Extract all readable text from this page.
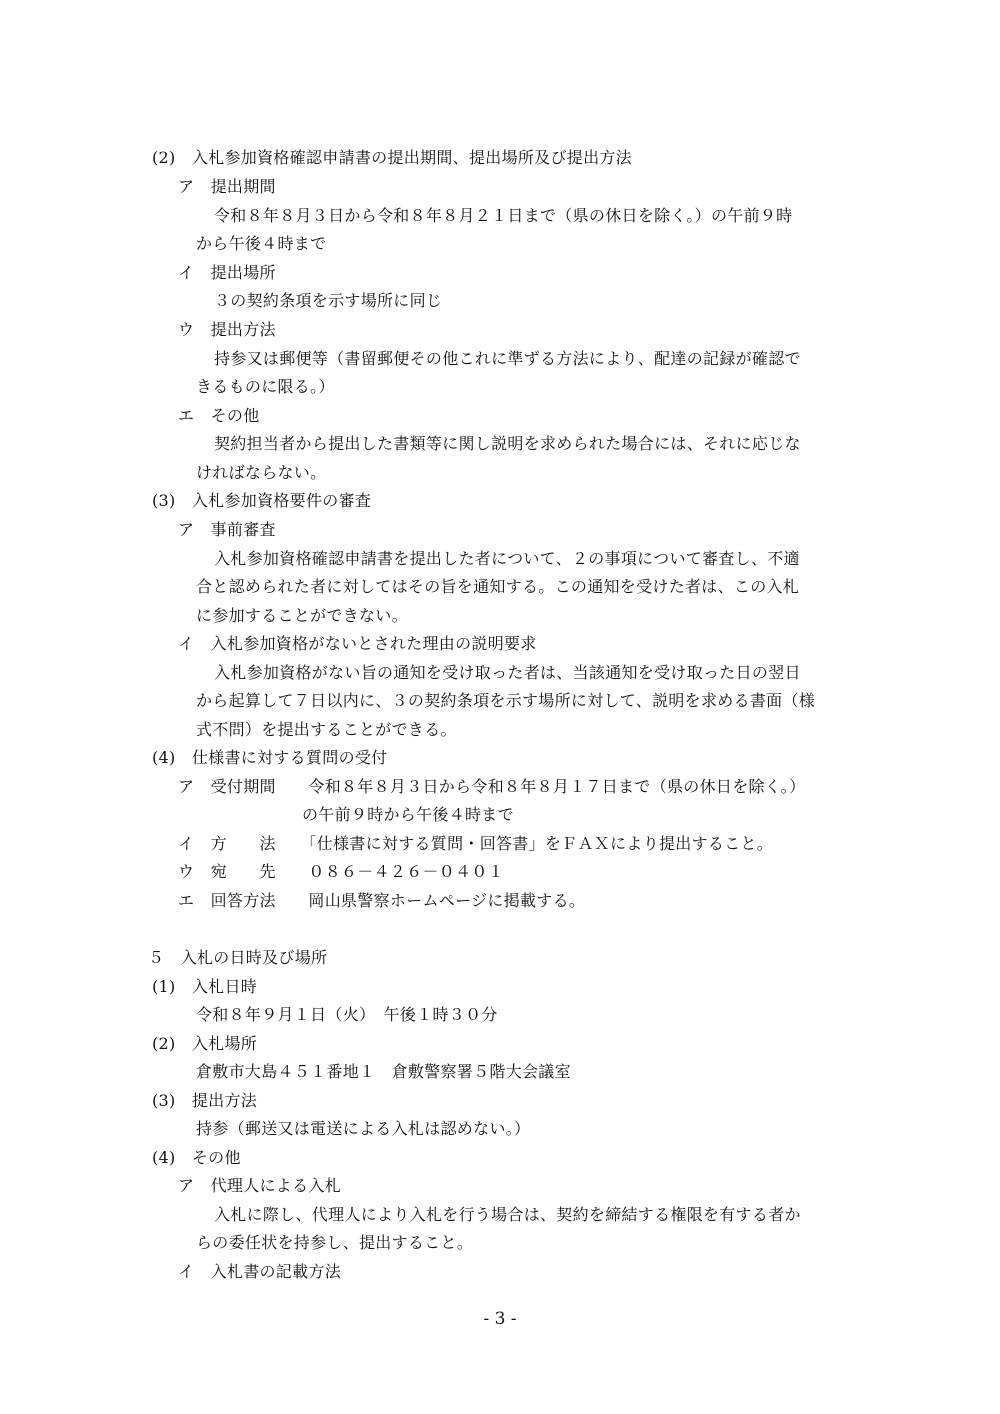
(2)　入札参加資格確認申請書の提出期間、提出場所及び提出方法
ア　提出期間
令和８年８月３日から令和８年８月２１日まで（県の休日を除く。）の午前９時
から午後４時まで
イ　提出場所
３の契約条項を示す場所に同じ
ウ　提出方法
持参又は郵便等（書留郵便その他これに準ずる方法により、配達の記録が確認で
きるものに限る。）
エ　その他
契約担当者から提出した書類等に関し説明を求められた場合には、それに応じな
ければならない。
(3)　入札参加資格要件の審査
ア　事前審査
入札参加資格確認申請書を提出した者について、２の事項について審査し、不適
合と認められた者に対してはその旨を通知する。この通知を受けた者は、この入札
に参加することができない。
イ　入札参加資格がないとされた理由の説明要求
入札参加資格がない旨の通知を受け取った者は、当該通知を受け取った日の翌日
から起算して７日以内に、３の契約条項を示す場所に対して、説明を求める書面（様
式不問）を提出することができる。
(4)　仕様書に対する質問の受付
ア　受付期間　　令和８年８月３日から令和８年８月１７日まで（県の休日を除く。）
の午前９時から午後４時まで
イ　方　　法　　「仕様書に対する質問・回答書」をＦＡＸにより提出すること。
ウ　宛　　先　　０８６－４２６－０４０１
エ　回答方法　　岡山県警察ホームページに掲載する。
５　入札の日時及び場所
(1)　入札日時
令和８年９月１日（火）　午後１時３０分
(2)　入札場所
倉敷市大島４５１番地１　倉敷警察署５階大会議室
(3)　提出方法
持参（郵送又は電送による入札は認めない。）
(4)　その他
ア　代理人による入札
入札に際し、代理人により入札を行う場合は、契約を締結する権限を有する者か
らの委任状を持参し、提出すること。
イ　入札書の記載方法
- 3 -
